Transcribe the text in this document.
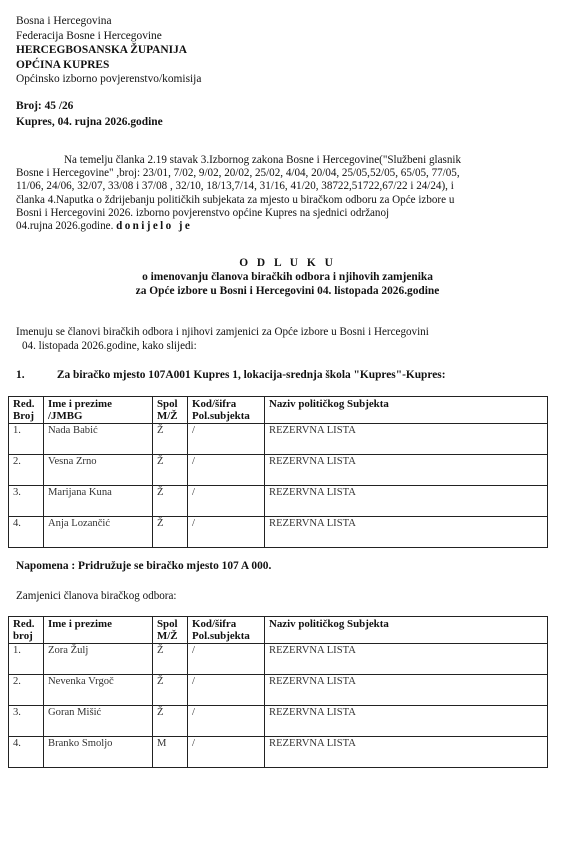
Bosna i Hercegovina
Federacija Bosne i Hercegovine
HERCEGBOSANSKA ŽUPANIJA
OPĆINA KUPRES
Općinsko izborno povjerenstvo/komisija
Broj: 45 /26
Kupres, 04. rujna 2026.godine
Na temelju članka 2.19 stavak 3.Izbornog zakona Bosne i Hercegovine("Službeni glasnik
Bosne i Hercegovine" ,broj: 23/01, 7/02, 9/02, 20/02, 25/02, 4/04, 20/04, 25/05,52/05, 65/05, 77/05,
11/06, 24/06, 32/07, 33/08 i 37/08 , 32/10, 18/13,7/14, 31/16, 41/20, 38722,51722,67/22 i 24/24), i
članka 4.Naputka o ždrijebanju političkih subjekata za mjesto u biračkom odboru za Opće izbore u
Bosni i Hercegovini 2026. izborno povjerenstvo općine Kupres na sjednici održanoj
04.rujna 2026.godine. donijelo je
O D L U K U
o imenovanju članova biračkih odbora i njihovih zamjenika
za Opće izbore u Bosni i Hercegovini 04. listopada 2026.godine
Imenuju se članovi biračkih odbora i njihovi zamjenici za Opće izbore u Bosni i Hercegovini
04. listopada 2026.godine, kako slijedi:
1.	Za biračko mjesto 107A001 Kupres 1, lokacija-srednja škola "Kupres"-Kupres:
Red. Broj	Ime i prezime /JMBG	Spol M/Ž	Kod/šifra Pol.subjekta	Naziv političkog Subjekta
1.	Nada Babić	Ž	/	REZERVNA LISTA
2.	Vesna Zrno	Ž	/	REZERVNA LISTA
3.	Marijana Kuna	Ž	/	REZERVNA LISTA
4.	Anja Lozančić	Ž	/	REZERVNA LISTA
Napomena : Pridružuje se biračko mjesto 107 A 000.
Zamjenici članova biračkog odbora:
Red. broj	Ime i prezime	Spol M/Ž	Kod/šifra Pol.subjekta	Naziv političkog Subjekta
1.	Zora Žulj	Ž	/	REZERVNA LISTA
2.	Nevenka Vrgoč	Ž	/	REZERVNA LISTA
3.	Goran Mišić	Ž	/	REZERVNA LISTA
4.	Branko Smoljo	M	/	REZERVNA LISTA
